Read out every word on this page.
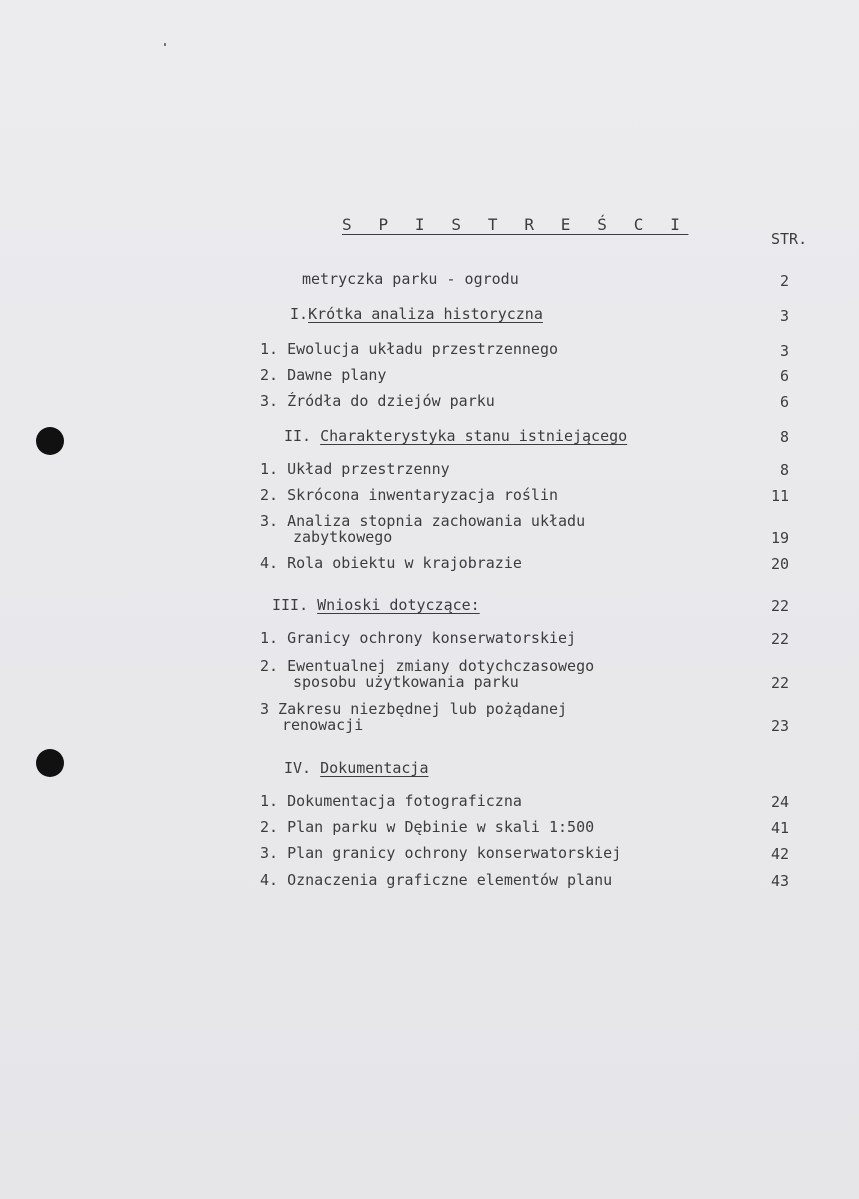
S P I S T R E Ś C I
STR.
metryczka parku - ogrodu	2
I.Krótka analiza historyczna	3
1. Ewolucja układu przestrzennego	3
2. Dawne plany	6
3. Źródła do dziejów parku	6
II. Charakterystyka stanu istniejącego	8
1. Układ przestrzenny	8
2. Skrócona inwentaryzacja roślin	11
3. Analiza stopnia zachowania układu
zabytkowego	19
4. Rola obiektu w krajobrazie	20
III. Wnioski dotyczące:	22
1. Granicy ochrony konserwatorskiej	22
2. Ewentualnej zmiany dotychczasowego
sposobu użytkowania parku	22
3 Zakresu niezbędnej lub pożądanej
renowacji	23
IV. Dokumentacja
1. Dokumentacja fotograficzna	24
2. Plan parku w Dębinie w skali 1:500	41
3. Plan granicy ochrony konserwatorskiej	42
4. Oznaczenia graficzne elementów planu	43
